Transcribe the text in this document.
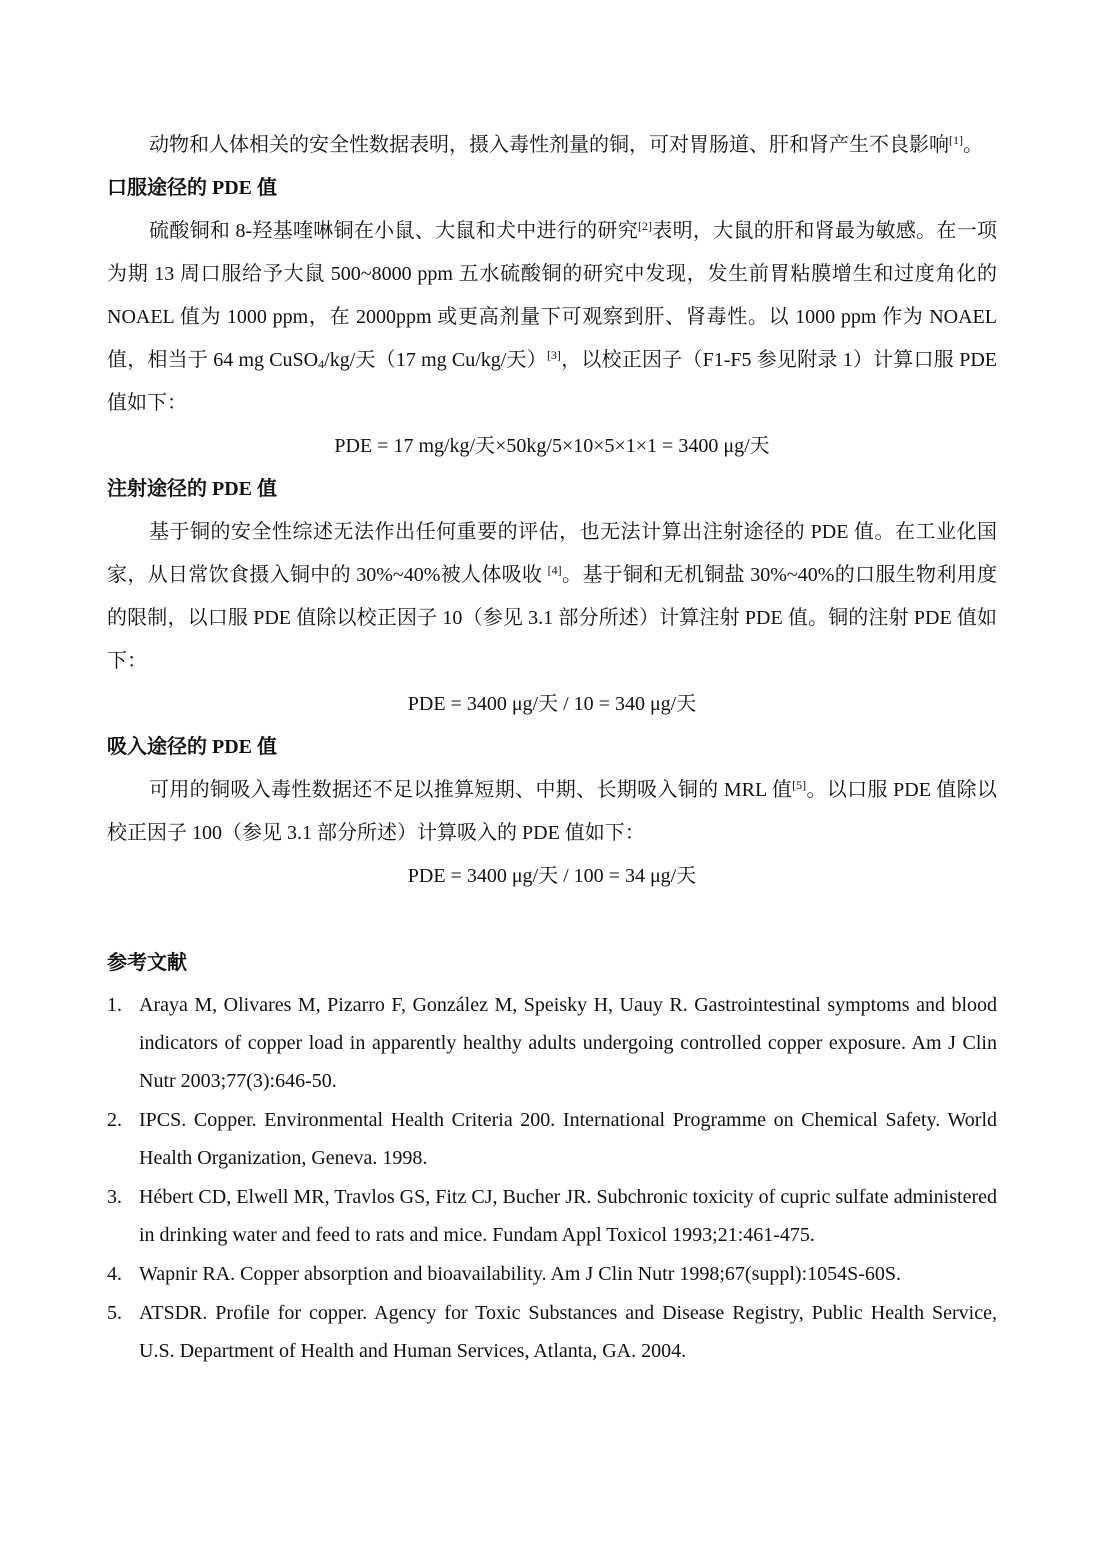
动物和人体相关的安全性数据表明，摄入毒性剂量的铜，可对胃肠道、肝和肾产生不良影响[1]。

口服途径的 PDE 值

硫酸铜和 8-羟基喹啉铜在小鼠、大鼠和犬中进行的研究[2]表明，大鼠的肝和肾最为敏感。在一项为期 13 周口服给予大鼠 500~8000 ppm 五水硫酸铜的研究中发现，发生前胃粘膜增生和过度角化的 NOAEL 值为 1000 ppm，在 2000ppm 或更高剂量下可观察到肝、肾毒性。以 1000 ppm 作为 NOAEL 值，相当于 64 mg CuSO$_4$/kg/天（17 mg Cu/kg/天）[3]，以校正因子（F1-F5 参见附录 1）计算口服 PDE 值如下：

PDE = 17 mg/kg/天×50kg/5×10×5×1×1 = 3400 μg/天

注射途径的 PDE 值

基于铜的安全性综述无法作出任何重要的评估，也无法计算出注射途径的 PDE 值。在工业化国家，从日常饮食摄入铜中的 30%~40%被人体吸收 [4]。基于铜和无机铜盐 30%~40%的口服生物利用度的限制，以口服 PDE 值除以校正因子 10（参见 3.1 部分所述）计算注射 PDE 值。铜的注射 PDE 值如下：

PDE = 3400 μg/天 / 10 = 340 μg/天

吸入途径的 PDE 值

可用的铜吸入毒性数据还不足以推算短期、中期、长期吸入铜的 MRL 值[5]。以口服 PDE 值除以校正因子 100（参见 3.1 部分所述）计算吸入的 PDE 值如下：

PDE = 3400 μg/天 / 100 = 34 μg/天

参考文献

1. Araya M, Olivares M, Pizarro F, González M, Speisky H, Uauy R. Gastrointestinal symptoms and blood indicators of copper load in apparently healthy adults undergoing controlled copper exposure. Am J Clin Nutr 2003;77(3):646-50.
2. IPCS. Copper. Environmental Health Criteria 200. International Programme on Chemical Safety. World Health Organization, Geneva. 1998.
3. Hébert CD, Elwell MR, Travlos GS, Fitz CJ, Bucher JR. Subchronic toxicity of cupric sulfate administered in drinking water and feed to rats and mice. Fundam Appl Toxicol 1993;21:461-475.
4. Wapnir RA. Copper absorption and bioavailability. Am J Clin Nutr 1998;67(suppl):1054S-60S.
5. ATSDR. Profile for copper. Agency for Toxic Substances and Disease Registry, Public Health Service, U.S. Department of Health and Human Services, Atlanta, GA. 2004.
